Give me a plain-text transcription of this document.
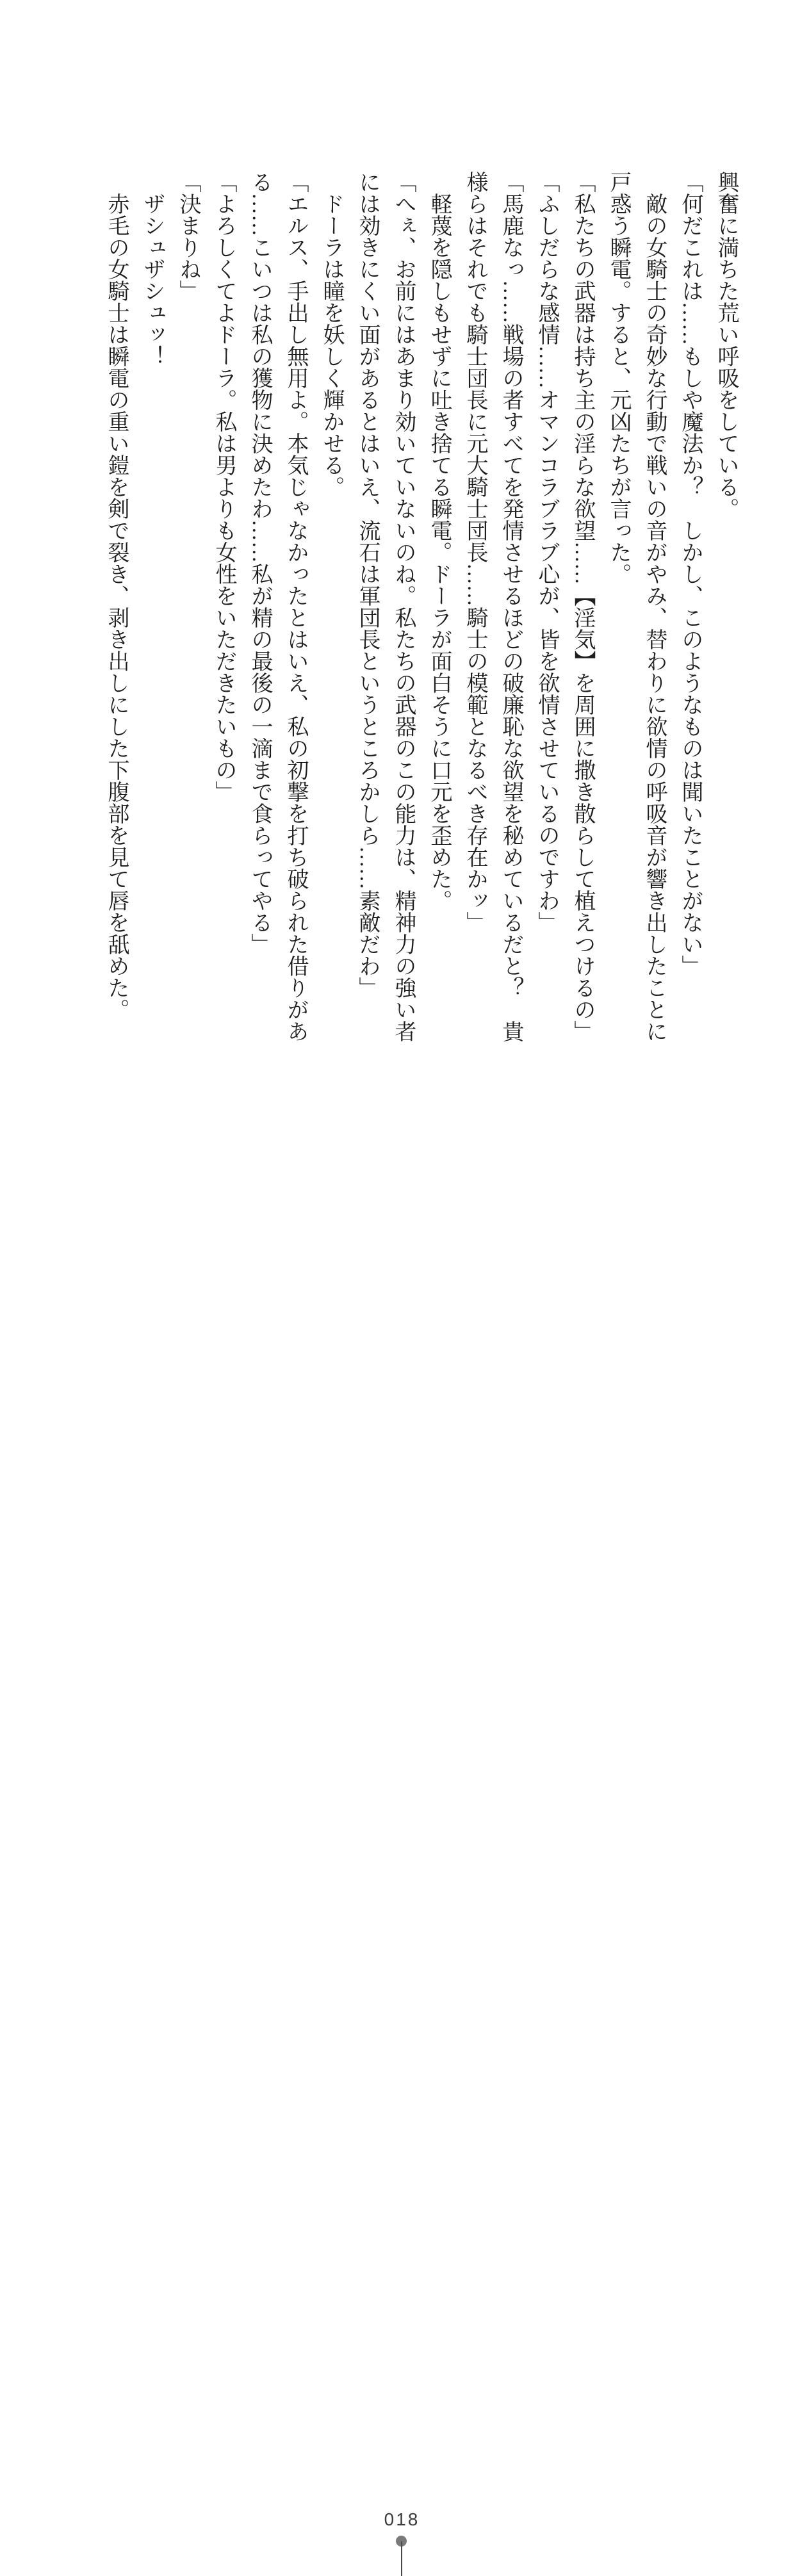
興奮に満ちた荒い呼吸をしている。
「何だこれは……もしや魔法か？　しかし、このようなものは聞いたことがない」
敵の女騎士の奇妙な行動で戦いの音がやみ、替わりに欲情の呼吸音が響き出したことに
戸惑う瞬電。すると、元凶たちが言った。
「私たちの武器は持ち主の淫らな欲望……【淫気】を周囲に撒き散らして植えつけるの」
「ふしだらな感情……オマンコラブラブ心が、皆を欲情させているのですわ」
「馬鹿なっ……戦場の者すべてを発情させるほどの破廉恥な欲望を秘めているだと？　貴
様らはそれでも騎士団長に元大騎士団長……騎士の模範となるべき存在かッ」
軽蔑を隠しもせずに吐き捨てる瞬電。ドーラが面白そうに口元を歪めた。
「へぇ、お前にはあまり効いていないのね。私たちの武器のこの能力は、精神力の強い者
には効きにくい面があるとはいえ、流石は軍団長というところかしら……素敵だわ」
ドーラは瞳を妖しく輝かせる。
「エルス、手出し無用よ。本気じゃなかったとはいえ、私の初撃を打ち破られた借りがあ
る……こいつは私の獲物に決めたわ……私が精の最後の一滴まで食らってやる」
「よろしくてよドーラ。私は男よりも女性をいただきたいもの」
「決まりね」
ザシュザシュッ！
赤毛の女騎士は瞬電の重い鎧を剣で裂き、剥き出しにした下腹部を見て唇を舐めた。
018
